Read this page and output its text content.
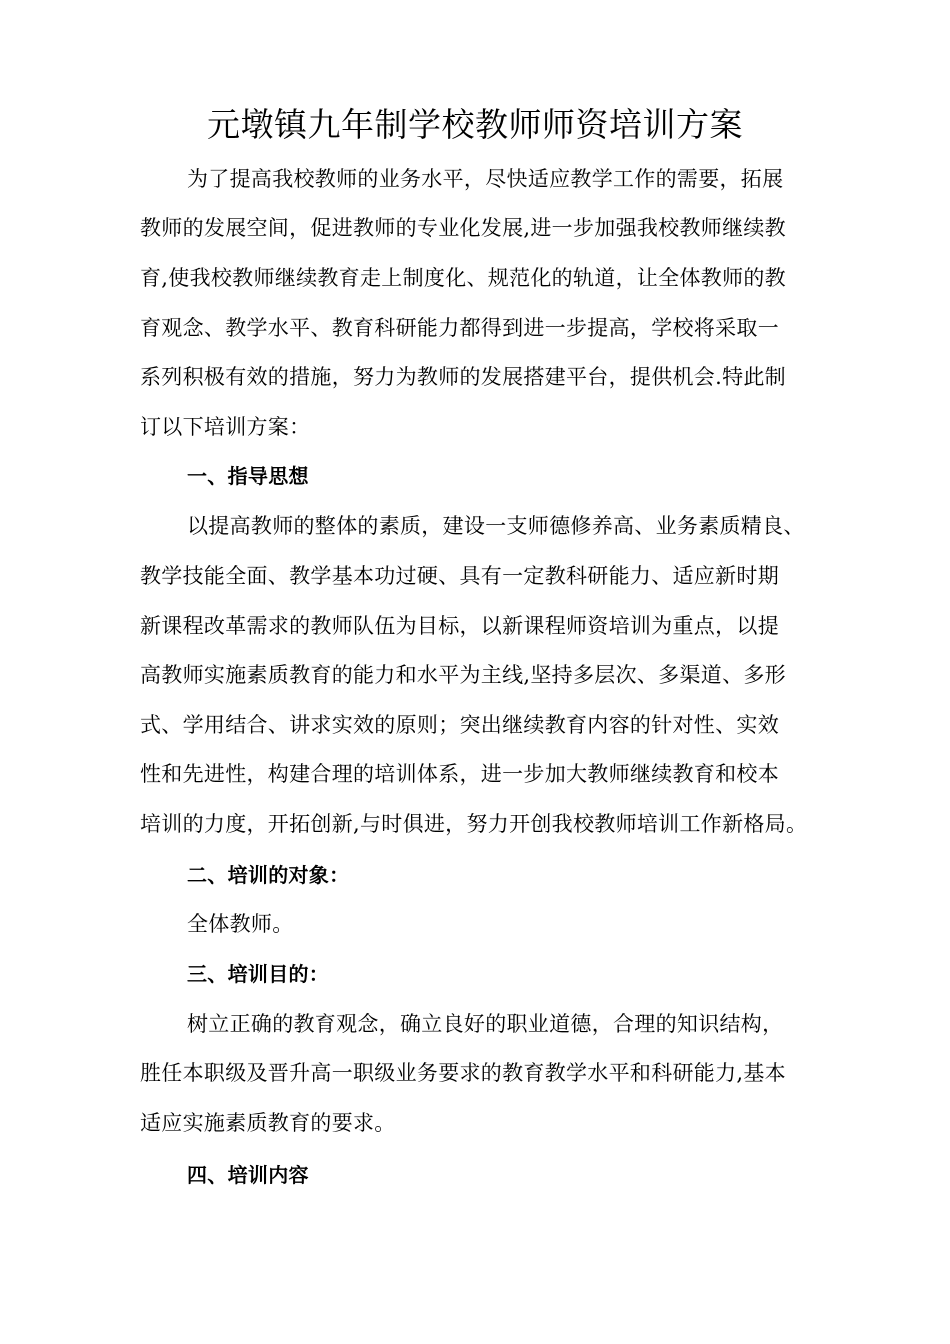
元墩镇九年制学校教师师资培训方案
为了提高我校教师的业务水平，尽快适应教学工作的需要，拓展
教师的发展空间，促进教师的专业化发展,进一步加强我校教师继续教
育,使我校教师继续教育走上制度化、规范化的轨道，让全体教师的教
育观念、教学水平、教育科研能力都得到进一步提高，学校将采取一
系列积极有效的措施，努力为教师的发展搭建平台，提供机会.特此制
订以下培训方案：
一、指导思想
以提高教师的整体的素质，建设一支师德修养高、业务素质精良、
教学技能全面、教学基本功过硬、具有一定教科研能力、适应新时期
新课程改革需求的教师队伍为目标，以新课程师资培训为重点，以提
高教师实施素质教育的能力和水平为主线,坚持多层次、多渠道、多形
式、学用结合、讲求实效的原则；突出继续教育内容的针对性、实效
性和先进性，构建合理的培训体系，进一步加大教师继续教育和校本
培训的力度，开拓创新,与时俱进，努力开创我校教师培训工作新格局。
二、培训的对象：
全体教师。
三、培训目的：
树立正确的教育观念，确立良好的职业道德，合理的知识结构，
胜任本职级及晋升高一职级业务要求的教育教学水平和科研能力,基本
适应实施素质教育的要求。
四、培训内容
